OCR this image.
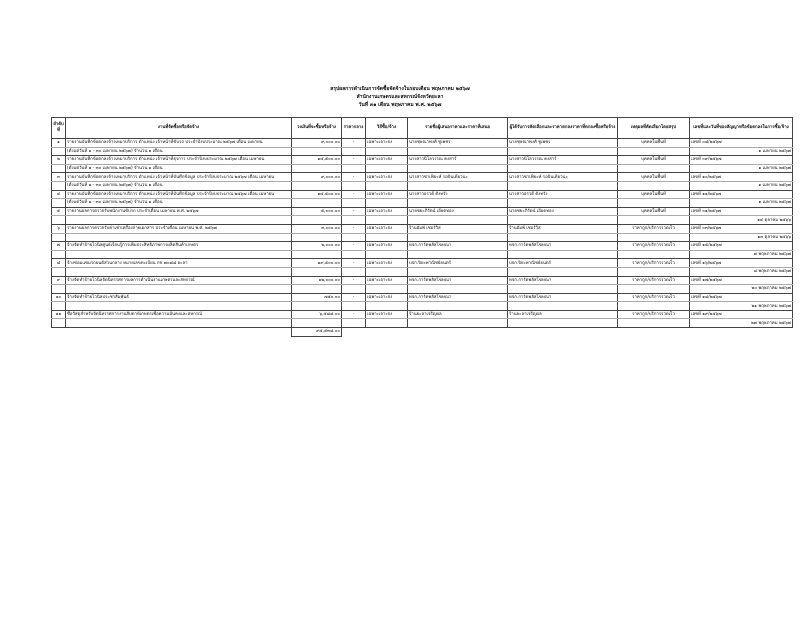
สรุปผลการดำเนินการจัดซื้อจัดจ้างในรอบเดือน พฤษภาคม ๒๕๖๗
สำนักงานเกษตรและสหกรณ์จังหวัดยะลา
วันที่ ๓๑ เดือน พฤษภาคม พ.ศ. ๒๕๖๗
ลำดับที่	งานที่จัดซื้อหรือจัดจ้าง	วงเงินที่จะซื้อหรือจ้าง	ราคากลาง	วิธีซื้อ/จ้าง	รายชื่อผู้เสนอราคาและราคาที่เสนอ	ผู้ได้รับการคัดเลือกและราคาตกลงราคาที่ตกลงซื้อหรือจ้าง	เหตุผลที่คัดเลือกโดยสรุป	เลขที่และวันที่ของสัญญาหรือข้อตกลงในการซื้อ/จ้าง
๑	รายงานบันทึกข้อตกลงจ้างเหมาบริการ ตำแหน่ง เจ้าหน้าที่ขับรถ ประจำปีงบประมาณ ๒๕๖๗ เดือน เมษายน	๙,๐๐๐.๐๐	-	เฉพาะเจาะจง	นายชุษณาพงศ์ ชูเพชร	นายชุษณาพงศ์ ชูเพชร	บุคคลในพื้นที่	เลขที่ ๐๘/๒๕๖๗
	(ตั้งแต่วันที่ ๑ - ๓๐ เมษายน ๒๕๖๗) จำนวน ๑ เดือน							๑ เมษายน ๒๕๖๗
๒	รายงานบันทึกข้อตกลงจ้างเหมาบริการ ตำแหน่ง เจ้าหน้าที่ธุรการ ประจำปีงบประมาณ ๒๕๖๗ เดือน เมษายน	๑๔,๕๐๐.๐๐	-	เฉพาะเจาะจง	นางสาวนิโลวรรณ คงสาร์	นางสาวนิโลวรรณ คงสาร์	บุคคลในพื้นที่	เลขที่ ๐๙/๒๕๖๗
	(ตั้งแต่วันที่ ๑ - ๓๐ เมษายน ๒๕๖๗) จำนวน ๑ เดือน							๑ เมษายน ๒๕๖๗
๓	รายงานบันทึกข้อตกลงจ้างเหมาบริการ ตำแหน่ง เจ้าหน้าที่บันทึกข้อมูล ประจำปีงบประมาณ ๒๕๖๗ เดือน เมษายน	๙,๐๐๐.๐๐	-	เฉพาะเจาะจง	นางสาวซาเฟียะห์ รอบินเดียวนะ	นางสาวซาเฟียะห์ รอบินเดียวนะ	บุคคลในพื้นที่	เลขที่ ๑๐/๒๕๖๗
	(ตั้งแต่วันที่ ๑ - ๓๐ เมษายน ๒๕๖๗) จำนวน ๑ เดือน							๑ เมษายน ๒๕๖๗
๔	รายงานบันทึกข้อตกลงจ้างเหมาบริการ ตำแหน่ง เจ้าหน้าที่บันทึกข้อมูล ประจำปีงบประมาณ ๒๕๖๗ เดือน เมษายน	๑๔,๕๐๐.๐๐	-	เฉพาะเจาะจง	นางสาวอรวดี ดังทรัง	นางสาวอรวดี ดังทรัง	บุคคลในพื้นที่	เลขที่ ๑๑/๒๕๖๗
	(ตั้งแต่วันที่ ๑ - ๓๐ เมษายน ๒๕๖๗) จำนวน ๑ เดือน							๑ เมษายน ๒๕๖๗
๕	รายงานผลการตรวจรับพนักงานขับรถ ประจำเดือน เมษายน พ.ศ. ๒๕๖๗	๕,๐๐๐.๐๐	-	เฉพาะเจาะจง	นายชยะภิรัตน์ เอียดทอง	นายชยะภิรัตน์ เอียดทอง	บุคคลในพื้นที่	เลขที่ ๐๑/๒๕๖๗
								๑๔ ตุลาคม ๒๕๖๖
๖	รายงานผลการตรวจรับค่าเช่าเครื่องถ่ายเอกสาร ประจำเดือน เมษายน พ.ศ. ๒๕๖๗	๓,๐๐๐.๐๐	-	เฉพาะเจาะจง	ร้านอัมพ์ เซอร์วิส	ร้านอัมพ์ เซอร์วิส	ราคาถูก/บริการรวดเร็ว	เลขที่ ๐๓/๒๕๖๗
								๑๓ ตุลาคม ๒๕๖๖
๗	จ้างจัดทำป้ายไวนิลศูนย์เรียนรู้การเพิ่มประสิทธิภาพการผลิตสินค้าเกษตร	๒,๐๐๐.๐๐	-	เฉพาะเจาะจง	หจก.การ์ดพลัสโฆษณา	หจก.การ์ดพลัสโฆษณา	ราคาถูก/บริการรวดเร็ว	เลขที่ ๑๕/๒๕๖๗
								๗ พฤษภาคม ๒๕๖๗
๘	จ้างซ่อมแซมรถยนต์ส่วนกลาง หมายเลขทะเบียน กข ๗๐๘๘ ยะลา	๑๙,๕๐๐.๐๐	-	เฉพาะเจาะจง	บจก.ปิยะพาณิชย์ยนตร์	บจก.ปิยะพาณิชย์ยนตร์	ราคาถูก/บริการรวดเร็ว	เลขที่ ๑๖/๒๕๖๗
								๘ พฤษภาคม ๒๕๖๗
๙	จ้างจัดทำป้ายไวนิลจัดนิทรรศการผลการดำเนินงานเกษตรและสหกรณ์	๑๒,๐๐๐.๐๐	-	เฉพาะเจาะจง	หจก.การ์ดพลัสโฆษณา	หจก.การ์ดพลัสโฆษณา	ราคาถูก/บริการรวดเร็ว	เลขที่ ๑๗/๒๕๖๗
								๒๐ พฤษภาคม ๒๕๖๗
๑๐	จ้างจัดทำป้ายไวนิลประชาสัมพันธ์	๗๕๐.๐๐	-	เฉพาะเจาะจง	หจก.การ์ดพลัสโฆษณา	หจก.การ์ดพลัสโฆษณา	ราคาถูก/บริการรวดเร็ว	เลขที่ ๑๘/๒๕๖๗
								๒๑ พฤษภาคม ๒๕๖๗
๑๑	ซื้อวัสดุสำหรับจัดนิทรรศการงานสัปดาห์เกษตรเพื่อความมั่นคงและสหกรณ์	๖,๕๘๘.๐๐	-	เฉพาะเจาะจง	ร้านยะลาเจริญผล	ร้านยะลาเจริญผล	ราคาถูก/บริการรวดเร็ว	เลขที่ ๑๙/๒๕๖๗
								๒๗ พฤษภาคม ๒๕๖๗
		๙๕,๕๓๘.๐๐						
